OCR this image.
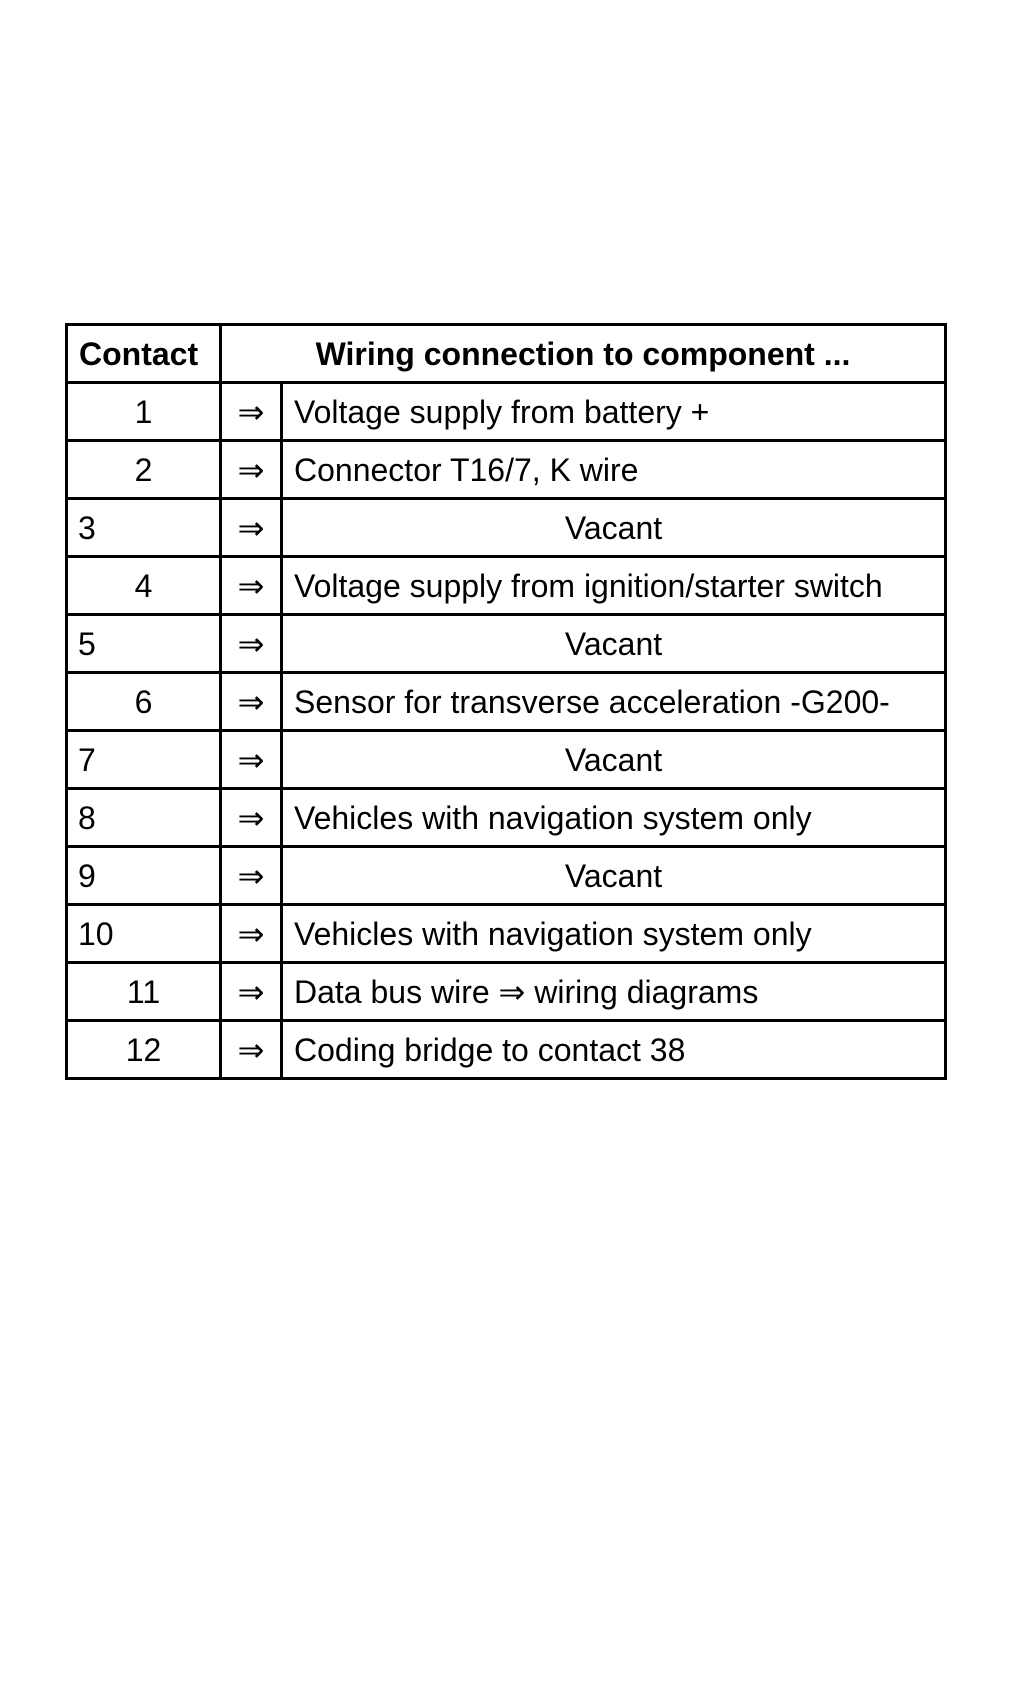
Contact	Wiring connection to component ...	
1	⇒	Voltage supply from battery +
2	⇒	Connector T16/7, K wire
3	⇒	Vacant
4	⇒	Voltage supply from ignition/starter switch
5	⇒	Vacant
6	⇒	Sensor for transverse acceleration -G200-
7	⇒	Vacant
8	⇒	Vehicles with navigation system only
9	⇒	Vacant
10	⇒	Vehicles with navigation system only
11	⇒	Data bus wire ⇒ wiring diagrams
12	⇒	Coding bridge to contact 38
